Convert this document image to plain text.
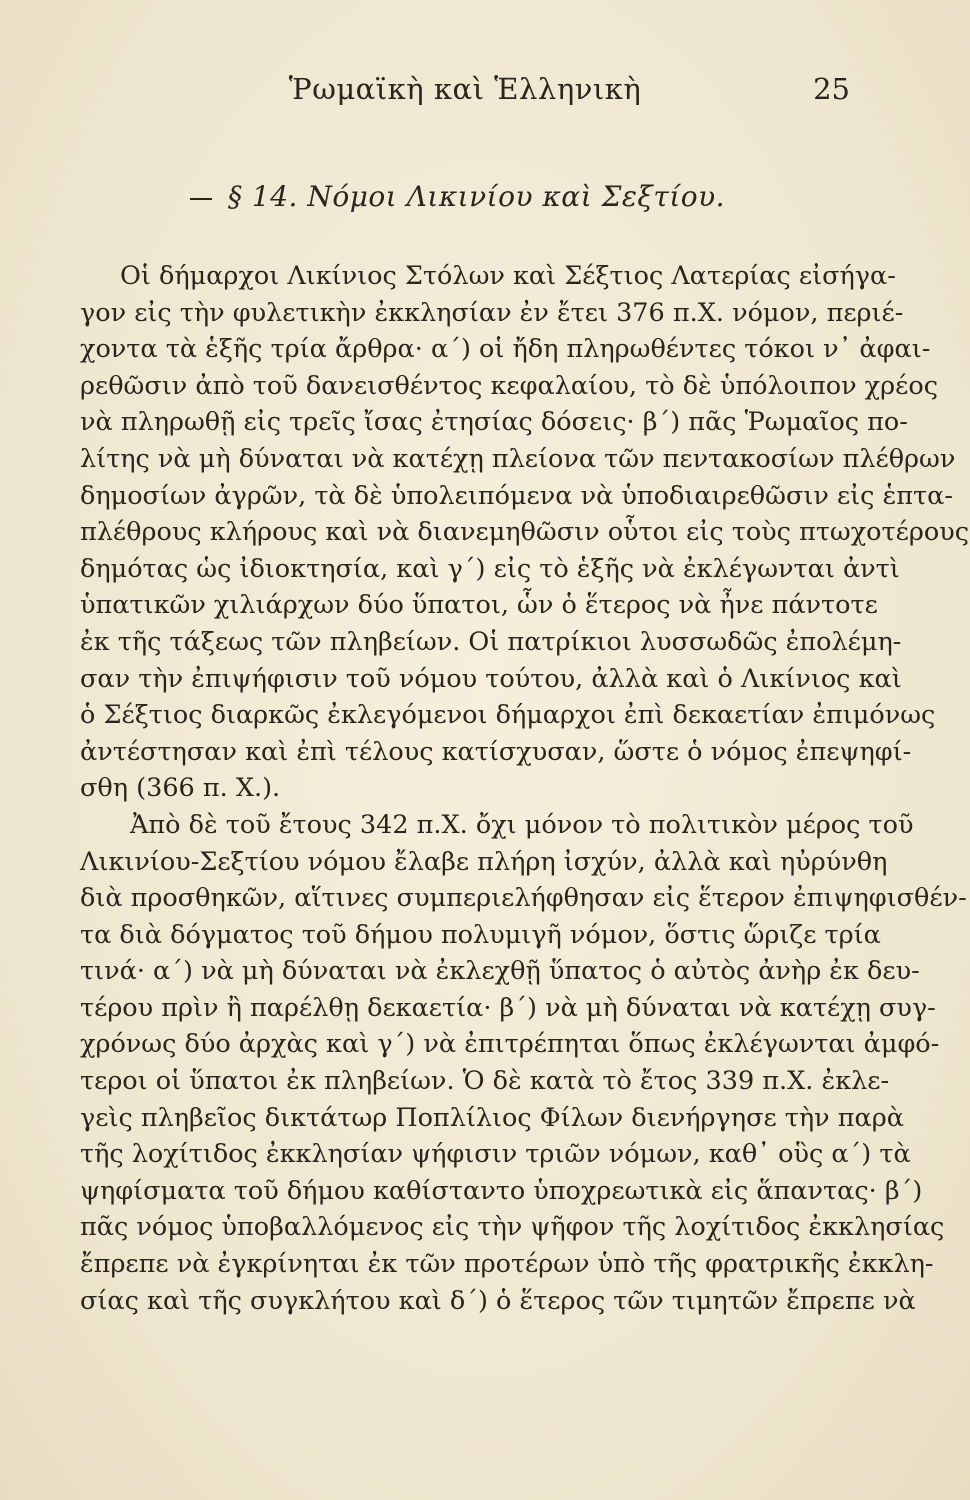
Ῥωμαϊκὴ καὶ Ἑλληνικὴ	25
§ 14. Νόμοι Λικινίου καὶ Σεξτίου.
Οἱ δήμαρχοι Λικίνιος Στόλων καὶ Σέξτιος Λατερίας εἰσήγα-
γον εἰς τὴν φυλετικὴν ἐκκλησίαν ἐν ἔτει 376 π.Χ. νόμον, περιέ-
χοντα τὰ ἑξῆς τρία ἄρθρα· α΄) οἱ ἤδη πληρωθέντες τόκοι ν᾽ ἀφαι-
ρεθῶσιν ἀπὸ τοῦ δανεισθέντος κεφαλαίου, τὸ δὲ ὑπόλοιπον χρέος
νὰ πληρωθῇ εἰς τρεῖς ἴσας ἐτησίας δόσεις· β΄) πᾶς Ῥωμαῖος πο-
λίτης νὰ μὴ δύναται νὰ κατέχῃ πλείονα τῶν πεντακοσίων πλέθρων
δημοσίων ἀγρῶν, τὰ δὲ ὑπολειπόμενα νὰ ὑποδιαιρεθῶσιν εἰς ἑπτα-
πλέθρους κλήρους καὶ νὰ διανεμηθῶσιν οὗτοι εἰς τοὺς πτωχοτέρους
δημότας ὡς ἰδιοκτησία, καὶ γ΄) εἰς τὸ ἑξῆς νὰ ἐκλέγωνται ἀντὶ
ὑπατικῶν χιλιάρχων δύο ὕπατοι, ὧν ὁ ἕτερος νὰ ἦνε πάντοτε
ἐκ τῆς τάξεως τῶν πληβείων. Οἱ πατρίκιοι λυσσωδῶς ἐπολέμη-
σαν τὴν ἐπιψήφισιν τοῦ νόμου τούτου, ἀλλὰ καὶ ὁ Λικίνιος καὶ
ὁ Σέξτιος διαρκῶς ἐκλεγόμενοι δήμαρχοι ἐπὶ δεκαετίαν ἐπιμόνως
ἀντέστησαν καὶ ἐπὶ τέλους κατίσχυσαν, ὥστε ὁ νόμος ἐπεψηφί-
σθη (366 π. Χ.).
Ἀπὸ δὲ τοῦ ἔτους 342 π.Χ. ὄχι μόνον τὸ πολιτικὸν μέρος τοῦ
Λικινίου-Σεξτίου νόμου ἔλαβε πλήρη ἰσχύν, ἀλλὰ καὶ ηὐρύνθη
διὰ προσθηκῶν, αἵτινες συμπεριελήφθησαν εἰς ἕτερον ἐπιψηφισθέν-
τα διὰ δόγματος τοῦ δήμου πολυμιγῆ νόμον, ὅστις ὥριζε τρία
τινά· α΄) νὰ μὴ δύναται νὰ ἐκλεχθῇ ὕπατος ὁ αὐτὸς ἀνὴρ ἐκ δευ-
τέρου πρὶν ἢ παρέλθῃ δεκαετία· β΄) νὰ μὴ δύναται νὰ κατέχῃ συγ-
χρόνως δύο ἀρχὰς καὶ γ΄) νὰ ἐπιτρέπηται ὅπως ἐκλέγωνται ἀμφό-
τεροι οἱ ὕπατοι ἐκ πληβείων. Ὁ δὲ κατὰ τὸ ἔτος 339 π.Χ. ἐκλε-
γεὶς πληβεῖος δικτάτωρ Ποπλίλιος Φίλων διενήργησε τὴν παρὰ
τῆς λοχίτιδος ἐκκλησίαν ψήφισιν τριῶν νόμων, καθ᾽ οὓς α΄) τὰ
ψηφίσματα τοῦ δήμου καθίσταντο ὑποχρεωτικὰ εἰς ἅπαντας· β΄)
πᾶς νόμος ὑποβαλλόμενος εἰς τὴν ψῆφον τῆς λοχίτιδος ἐκκλησίας
ἔπρεπε νὰ ἐγκρίνηται ἐκ τῶν προτέρων ὑπὸ τῆς φρατρικῆς ἐκκλη-
σίας καὶ τῆς συγκλήτου καὶ δ΄) ὁ ἕτερος τῶν τιμητῶν ἔπρεπε νὰ
